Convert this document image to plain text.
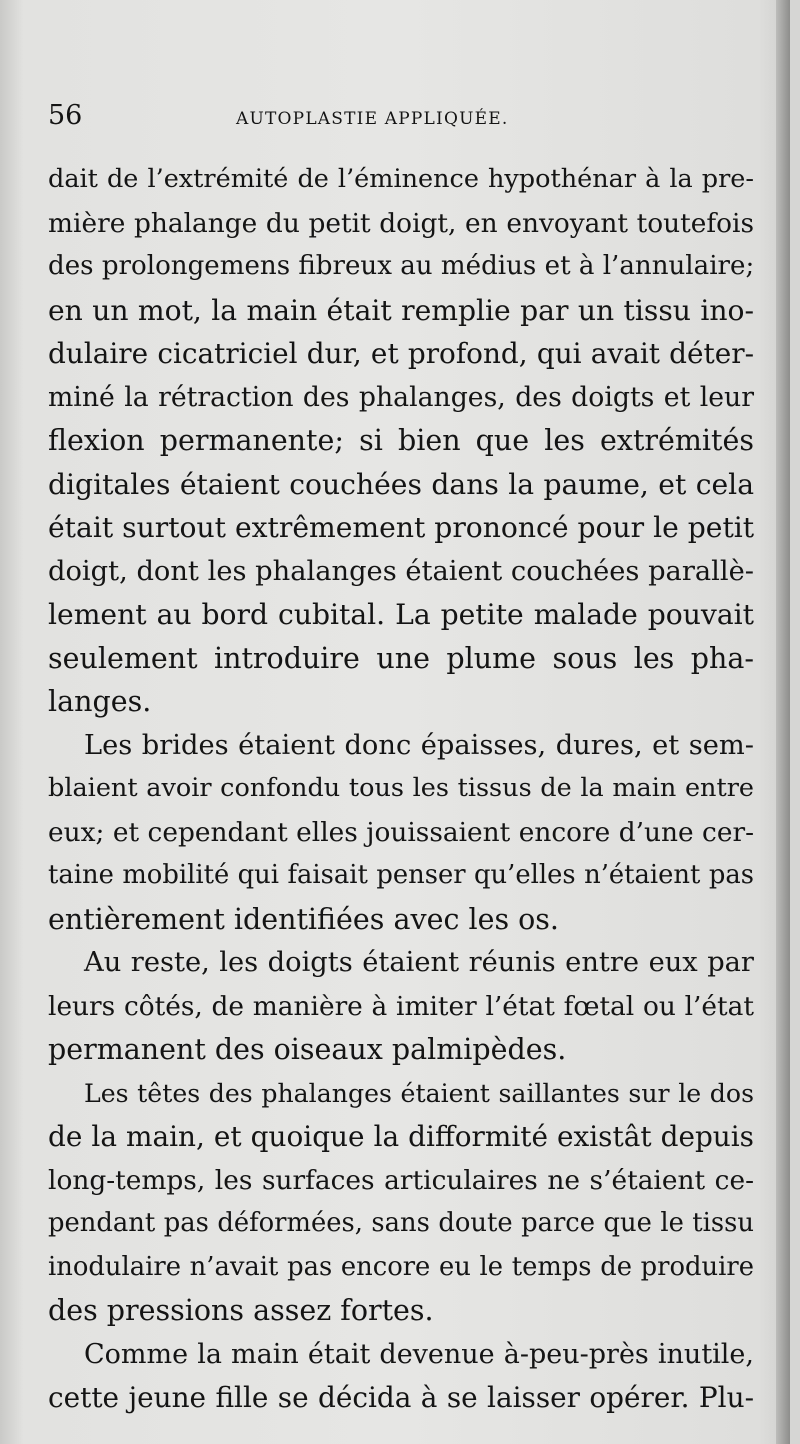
56	AUTOPLASTIE APPLIQUÉE.
dait de l’extrémité de l’éminence hypothénar à la pre-
mière phalange du petit doigt, en envoyant toutefois
des prolongemens fibreux au médius et à l’annulaire;
en un mot, la main était remplie par un tissu ino-
dulaire cicatriciel dur, et profond, qui avait déter-
miné la rétraction des phalanges, des doigts et leur
flexion permanente; si bien que les extrémités
digitales étaient couchées dans la paume, et cela
était surtout extrêmement prononcé pour le petit
doigt, dont les phalanges étaient couchées parallè-
lement au bord cubital. La petite malade pouvait
seulement introduire une plume sous les pha-
langes.
Les brides étaient donc épaisses, dures, et sem-
blaient avoir confondu tous les tissus de la main entre
eux; et cependant elles jouissaient encore d’une cer-
taine mobilité qui faisait penser qu’elles n’étaient pas
entièrement identifiées avec les os.
Au reste, les doigts étaient réunis entre eux par
leurs côtés, de manière à imiter l’état fœtal ou l’état
permanent des oiseaux palmipèdes.
Les têtes des phalanges étaient saillantes sur le dos
de la main, et quoique la difformité existât depuis
long-temps, les surfaces articulaires ne s’étaient ce-
pendant pas déformées, sans doute parce que le tissu
inodulaire n’avait pas encore eu le temps de produire
des pressions assez fortes.
Comme la main était devenue à-peu-près inutile,
cette jeune fille se décida à se laisser opérer. Plu-
